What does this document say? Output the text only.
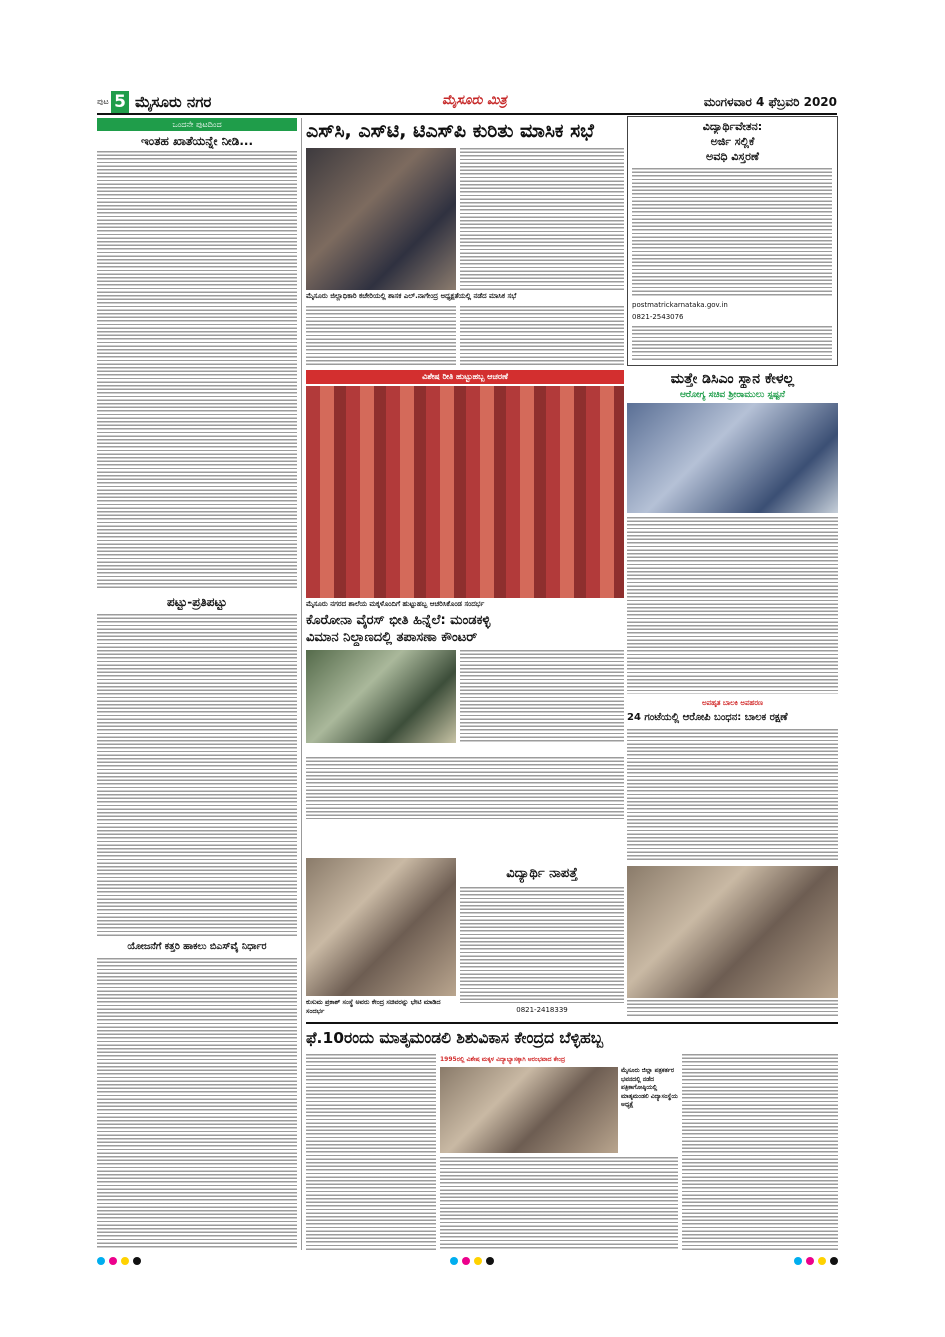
ಪುಟ 5 ಮೈಸೂರು ನಗರ	ಮೈಸೂರು ಮಿತ್ರ	ಮಂಗಳವಾರ 4 ಫೆಬ್ರವರಿ 2020
ಒಂದನೇ ಪುಟದಿಂದ
ಇಂತಹ ಖಾತೆಯನ್ನೇ ನೀಡಿ...
ಪಟ್ಟು-ಪ್ರತಿಪಟ್ಟು
ಯೋಜನೆಗೆ ಕತ್ತರಿ ಹಾಕಲು ಬಿಎಸ್‌ವೈ ನಿರ್ಧಾರ
ಎಸ್‌ಸಿ, ಎಸ್‌ಟಿ, ಟಿಎಸ್‌ಪಿ ಕುರಿತು ಮಾಸಿಕ ಸಭೆ
ಮೈಸೂರು ಜಿಲ್ಲಾಧಿಕಾರಿ ಕಚೇರಿಯಲ್ಲಿ ಶಾಸಕ ಎಲ್.ನಾಗೇಂದ್ರ ಅಧ್ಯಕ್ಷತೆಯಲ್ಲಿ ನಡೆದ ಮಾಸಿಕ ಸಭೆ
ವಿದ್ಯಾರ್ಥಿವೇತನ:
ಅರ್ಜಿ ಸಲ್ಲಿಕೆ
ಅವಧಿ ವಿಸ್ತರಣೆ
postmatrickarnataka.gov.in
0821-2543076
ವಿಶೇಷ ರೀತಿ ಹುಟ್ಟುಹಬ್ಬ ಆಚರಣೆ
ಮೈಸೂರು ನಗರದ ಶಾಲೆಯ ಮಕ್ಕಳೊಂದಿಗೆ ಹುಟ್ಟುಹಬ್ಬ ಆಚರಿಸಿಕೊಂಡ ಸಂದರ್ಭ
ಮತ್ತೇ ಡಿಸಿಎಂ ಸ್ಥಾನ ಕೇಳಲ್ಲ
ಆರೋಗ್ಯ ಸಚಿವ ಶ್ರೀರಾಮುಲು ಸ್ಪಷ್ಟನೆ
ಕೊರೋನಾ ವೈರಸ್ ಭೀತಿ ಹಿನ್ನೆಲೆ: ಮಂಡಕಳ್ಳಿ
ವಿಮಾನ ನಿಲ್ದಾಣದಲ್ಲಿ ತಪಾಸಣಾ ಕೌಂಟರ್
ಅಪಹೃತ ಬಾಲಕಿ ಅಪಹರಣ
24 ಗಂಟೆಯಲ್ಲಿ ಆರೋಪಿ ಬಂಧನ: ಬಾಲಕ ರಕ್ಷಣೆ
ಕುಸುಮ ಪ್ರಕಾಶ್ ಸಂಸ್ಥೆ ಅವರು ಕೇಂದ್ರ ಸಚಿವರನ್ನು ಭೇಟಿ ಮಾಡಿದ ಸಂದರ್ಭ
ವಿದ್ಯಾರ್ಥಿ ನಾಪತ್ತೆ
0821-2418339
ಫೆ.10ರಂದು ಮಾತೃಮಂಡಲಿ ಶಿಶುವಿಕಾಸ ಕೇಂದ್ರದ ಬೆಳ್ಳಿಹಬ್ಬ
1995ರಲ್ಲಿ ವಿಶೇಷ ಮಕ್ಕಳ ವಿದ್ಯಾಭ್ಯಾಸಕ್ಕಾಗಿ ಆರಂಭವಾದ ಕೇಂದ್ರ
ಮೈಸೂರು ಜಿಲ್ಲಾ ಪತ್ರಕರ್ತರ ಭವನದಲ್ಲಿ ನಡೆದ ಪತ್ರಿಕಾಗೋಷ್ಠಿಯಲ್ಲಿ ಮಾತೃಮಂಡಲಿ ವಿದ್ಯಾಸಂಸ್ಥೆಯ ಅಧ್ಯಕ್ಷೆ
